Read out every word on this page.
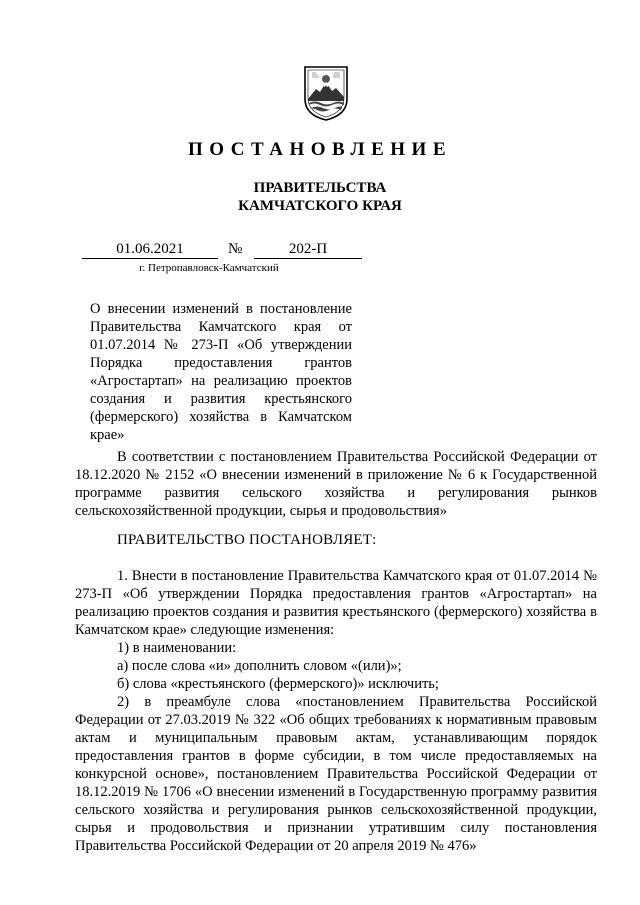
ПОСТАНОВЛЕНИЕ
ПРАВИТЕЛЬСТВА
КАМЧАТСКОГО КРАЯ
01.06.2021	№	202-П
г. Петропавловск-Камчатский
О внесении изменений в постановление
Правительства Камчатского края от
01.07.2014 № 273-П «Об утверждении
Порядка предоставления грантов
«Агростартап» на реализацию проектов
создания и развития крестьянского
(фермерского) хозяйства в Камчатском
крае»
В соответствии с постановлением Правительства Российской Федерации от 18.12.2020 № 2152 «О внесении изменений в приложение № 6 к Государственной программе развития сельского хозяйства и регулирования рынков сельскохозяйственной продукции, сырья и продовольствия»
ПРАВИТЕЛЬСТВО ПОСТАНОВЛЯЕТ:
1. Внести в постановление Правительства Камчатского края от 01.07.2014 № 273-П «Об утверждении Порядка предоставления грантов «Агростартап» на реализацию проектов создания и развития крестьянского (фермерского) хозяйства в Камчатском крае» следующие изменения:
1) в наименовании:
а) после слова «и» дополнить словом «(или)»;
б) слова «крестьянского (фермерского)» исключить;
2) в преамбуле слова «постановлением Правительства Российской Федерации от 27.03.2019 № 322 «Об общих требованиях к нормативным правовым актам и муниципальным правовым актам, устанавливающим порядок предоставления грантов в форме субсидии, в том числе предоставляемых на конкурсной основе», постановлением Правительства Российской Федерации от 18.12.2019 № 1706 «О внесении изменений в Государственную программу развития сельского хозяйства и регулирования рынков сельскохозяйственной продукции, сырья и продовольствия и признании утратившим силу постановления Правительства Российской Федерации от 20 апреля 2019 № 476»
